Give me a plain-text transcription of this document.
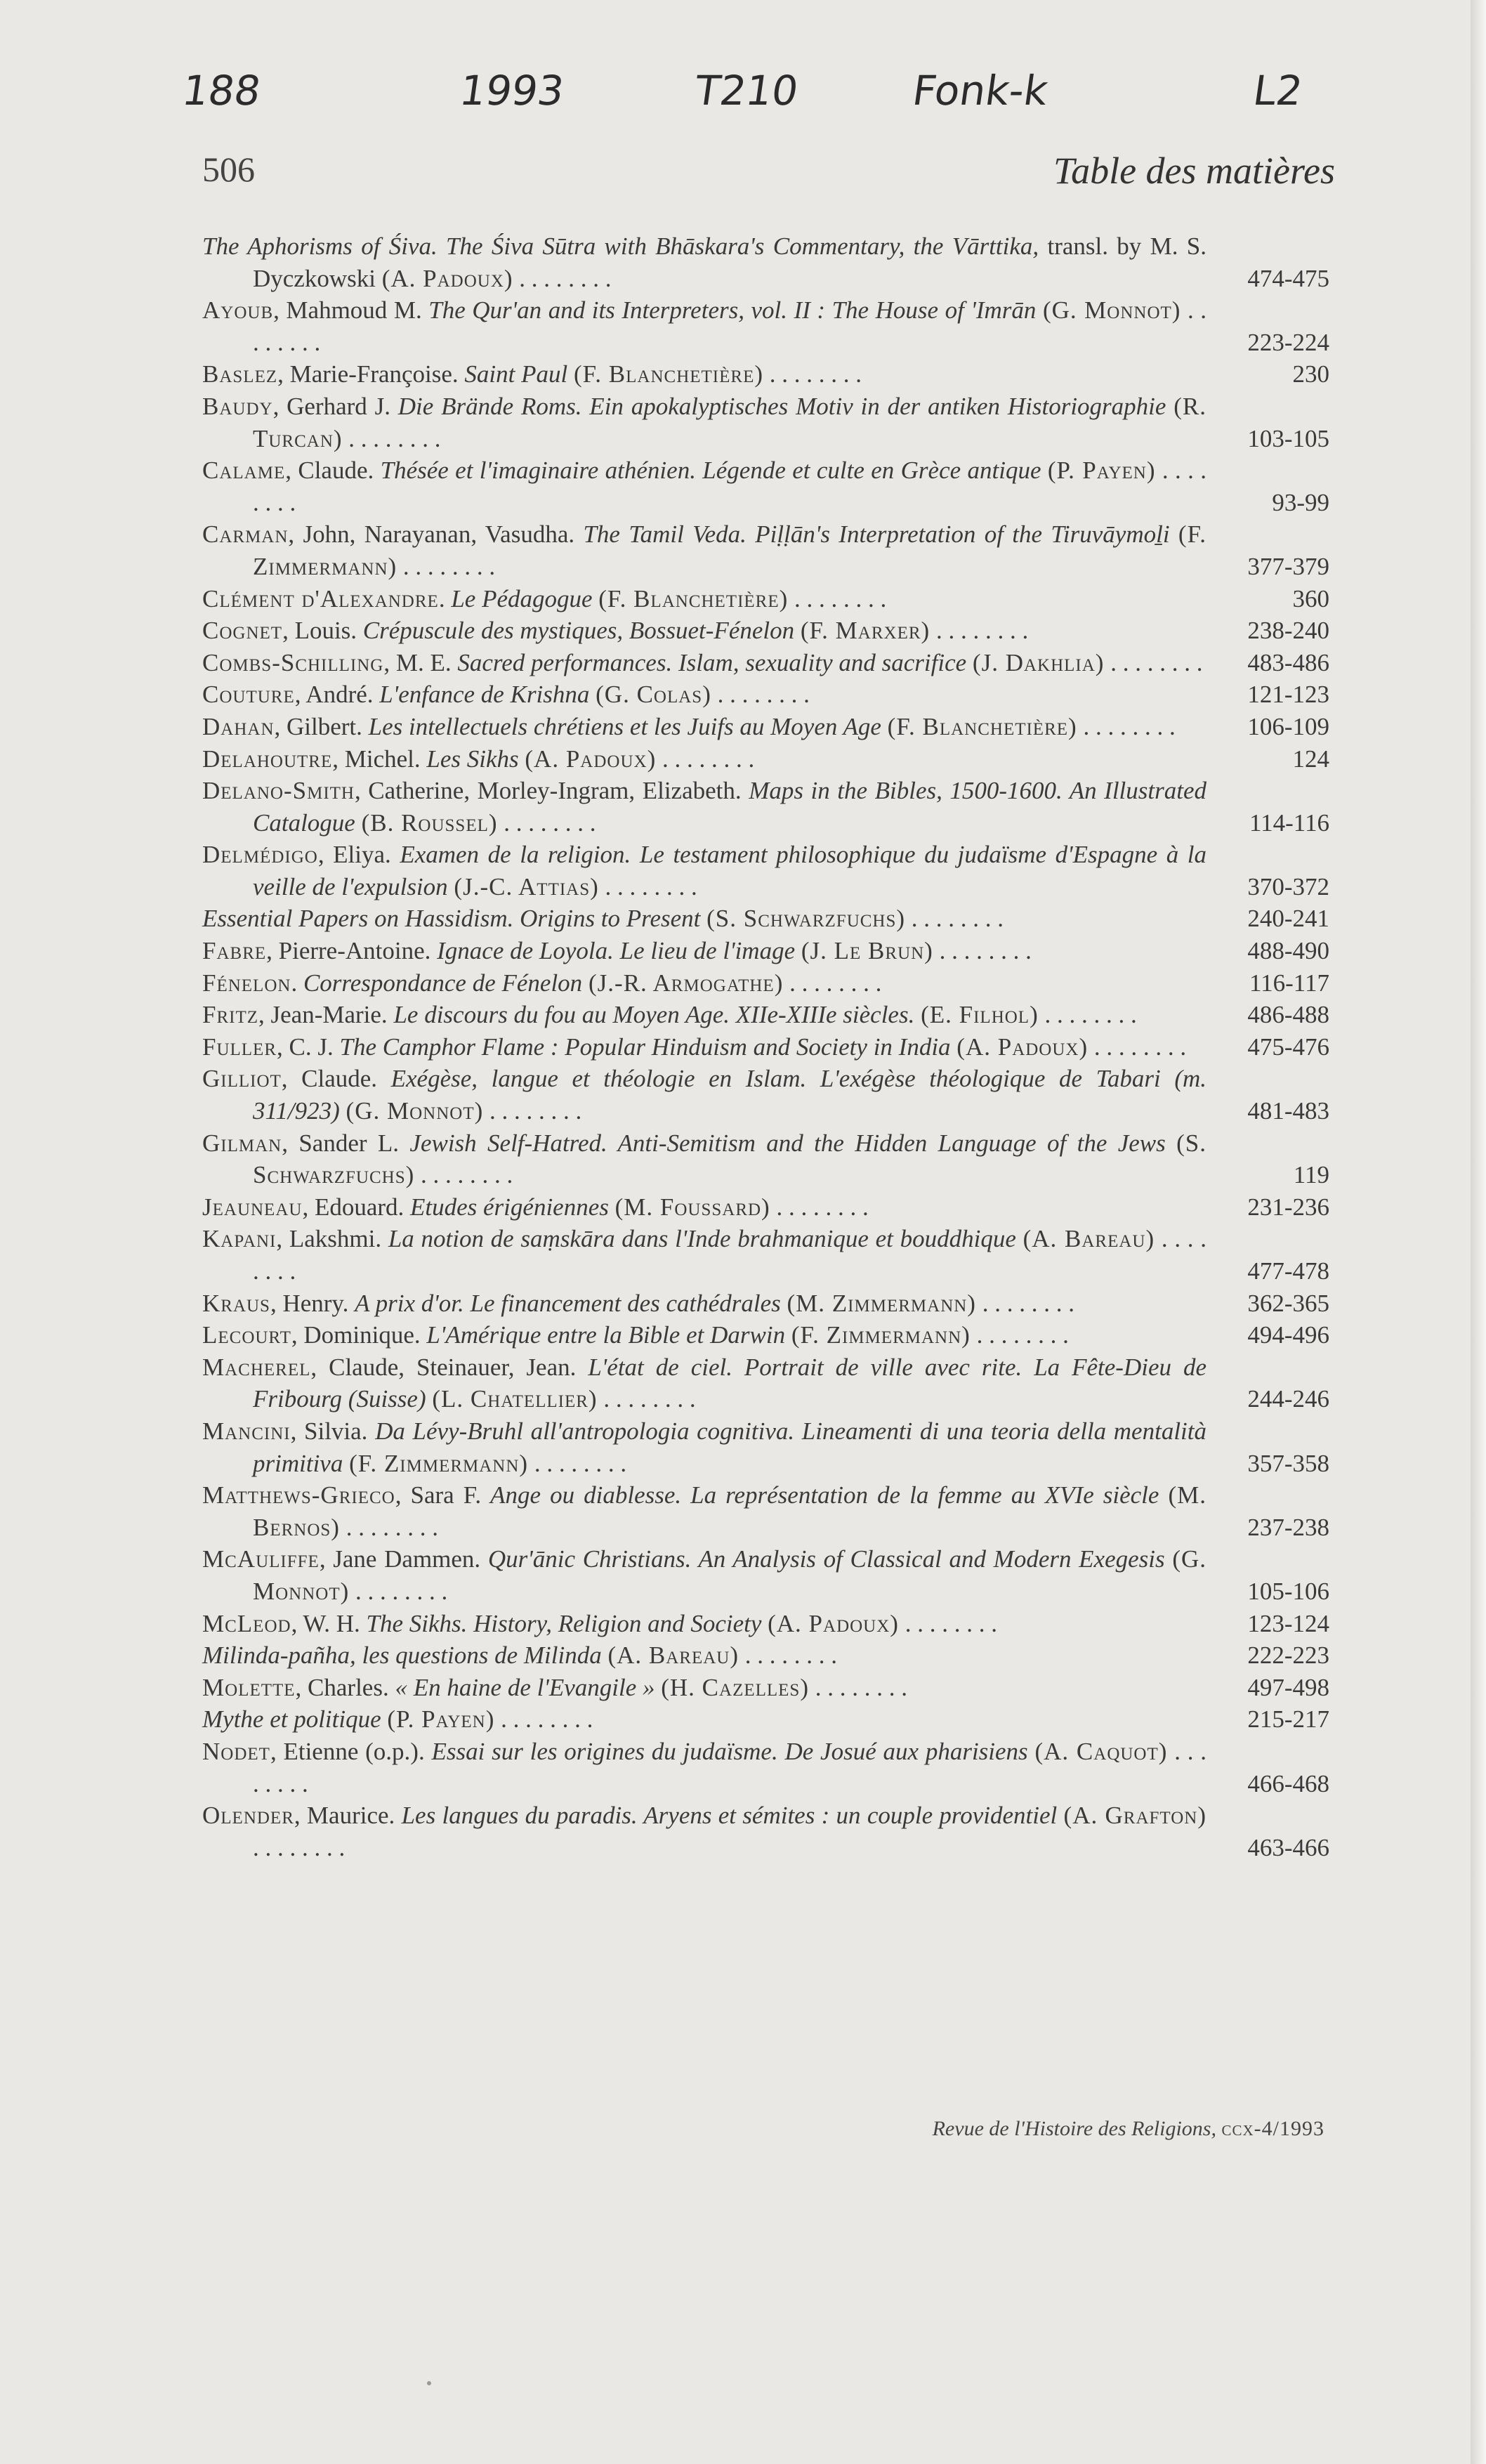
188	1993	T210	Fonk-k	L2
506	Table des matières
The Aphorisms of Śiva. The Śiva Sūtra with Bhāskara's Commentary, the Vārttika, transl. by M. S. Dyczkowski (A. Padoux) . . . . . . . .	474-475
Ayoub, Mahmoud M. The Qur'an and its Interpreters, vol. II : The House of 'Imrān (G. Monnot) . . . . . . . .	223-224
Baslez, Marie-Françoise. Saint Paul (F. Blanchetière) . . . . . . . .	230
Baudy, Gerhard J. Die Brände Roms. Ein apokalyptisches Motiv in der antiken Historiographie (R. Turcan) . . . . . . . .	103-105
Calame, Claude. Thésée et l'imaginaire athénien. Légende et culte en Grèce antique (P. Payen) . . . . . . . .	93-99
Carman, John, Narayanan, Vasudha. The Tamil Veda. Piḷḷān's Interpretation of the Tiruvāymoḻi (F. Zimmermann) . . . . . . . .	377-379
Clément d'Alexandre. Le Pédagogue (F. Blanchetière) . . . . . . . .	360
Cognet, Louis. Crépuscule des mystiques, Bossuet-Fénelon (F. Marxer) . . . . . . . .	238-240
Combs-Schilling, M. E. Sacred performances. Islam, sexuality and sacrifice (J. Dakhlia) . . . . . . . .	483-486
Couture, André. L'enfance de Krishna (G. Colas) . . . . . . . .	121-123
Dahan, Gilbert. Les intellectuels chrétiens et les Juifs au Moyen Age (F. Blanchetière) . . . . . . . .	106-109
Delahoutre, Michel. Les Sikhs (A. Padoux) . . . . . . . .	124
Delano-Smith, Catherine, Morley-Ingram, Elizabeth. Maps in the Bibles, 1500-1600. An Illustrated Catalogue (B. Roussel) . . . . . . . .	114-116
Delmédigo, Eliya. Examen de la religion. Le testament philosophique du judaïsme d'Espagne à la veille de l'expulsion (J.-C. Attias) . . . . . . . .	370-372
Essential Papers on Hassidism. Origins to Present (S. Schwarzfuchs) . . . . . . . .	240-241
Fabre, Pierre-Antoine. Ignace de Loyola. Le lieu de l'image (J. Le Brun) . . . . . . . .	488-490
Fénelon. Correspondance de Fénelon (J.-R. Armogathe) . . . . . . . .	116-117
Fritz, Jean-Marie. Le discours du fou au Moyen Age. XIIe-XIIIe siècles. (E. Filhol) . . . . . . . .	486-488
Fuller, C. J. The Camphor Flame : Popular Hinduism and Society in India (A. Padoux) . . . . . . . .	475-476
Gilliot, Claude. Exégèse, langue et théologie en Islam. L'exégèse théologique de Tabari (m. 311/923) (G. Monnot) . . . . . . . .	481-483
Gilman, Sander L. Jewish Self-Hatred. Anti-Semitism and the Hidden Language of the Jews (S. Schwarzfuchs) . . . . . . . .	119
Jeauneau, Edouard. Etudes érigéniennes (M. Foussard) . . . . . . . .	231-236
Kapani, Lakshmi. La notion de saṃskāra dans l'Inde brahmanique et bouddhique (A. Bareau) . . . . . . . .	477-478
Kraus, Henry. A prix d'or. Le financement des cathédrales (M. Zimmermann) . . . . . . . .	362-365
Lecourt, Dominique. L'Amérique entre la Bible et Darwin (F. Zimmermann) . . . . . . . .	494-496
Macherel, Claude, Steinauer, Jean. L'état de ciel. Portrait de ville avec rite. La Fête-Dieu de Fribourg (Suisse) (L. Chatellier) . . . . . . . .	244-246
Mancini, Silvia. Da Lévy-Bruhl all'antropologia cognitiva. Lineamenti di una teoria della mentalità primitiva (F. Zimmermann) . . . . . . . .	357-358
Matthews-Grieco, Sara F. Ange ou diablesse. La représentation de la femme au XVIe siècle (M. Bernos) . . . . . . . .	237-238
McAuliffe, Jane Dammen. Qur'ānic Christians. An Analysis of Classical and Modern Exegesis (G. Monnot) . . . . . . . .	105-106
McLeod, W. H. The Sikhs. History, Religion and Society (A. Padoux) . . . . . . . .	123-124
Milinda-pañha, les questions de Milinda (A. Bareau) . . . . . . . .	222-223
Molette, Charles. « En haine de l'Evangile » (H. Cazelles) . . . . . . . .	497-498
Mythe et politique (P. Payen) . . . . . . . .	215-217
Nodet, Etienne (o.p.). Essai sur les origines du judaïsme. De Josué aux pharisiens (A. Caquot) . . . . . . . .	466-468
Olender, Maurice. Les langues du paradis. Aryens et sémites : un couple providentiel (A. Grafton) . . . . . . . .	463-466
Revue de l'Histoire des Religions, ccx-4/1993
